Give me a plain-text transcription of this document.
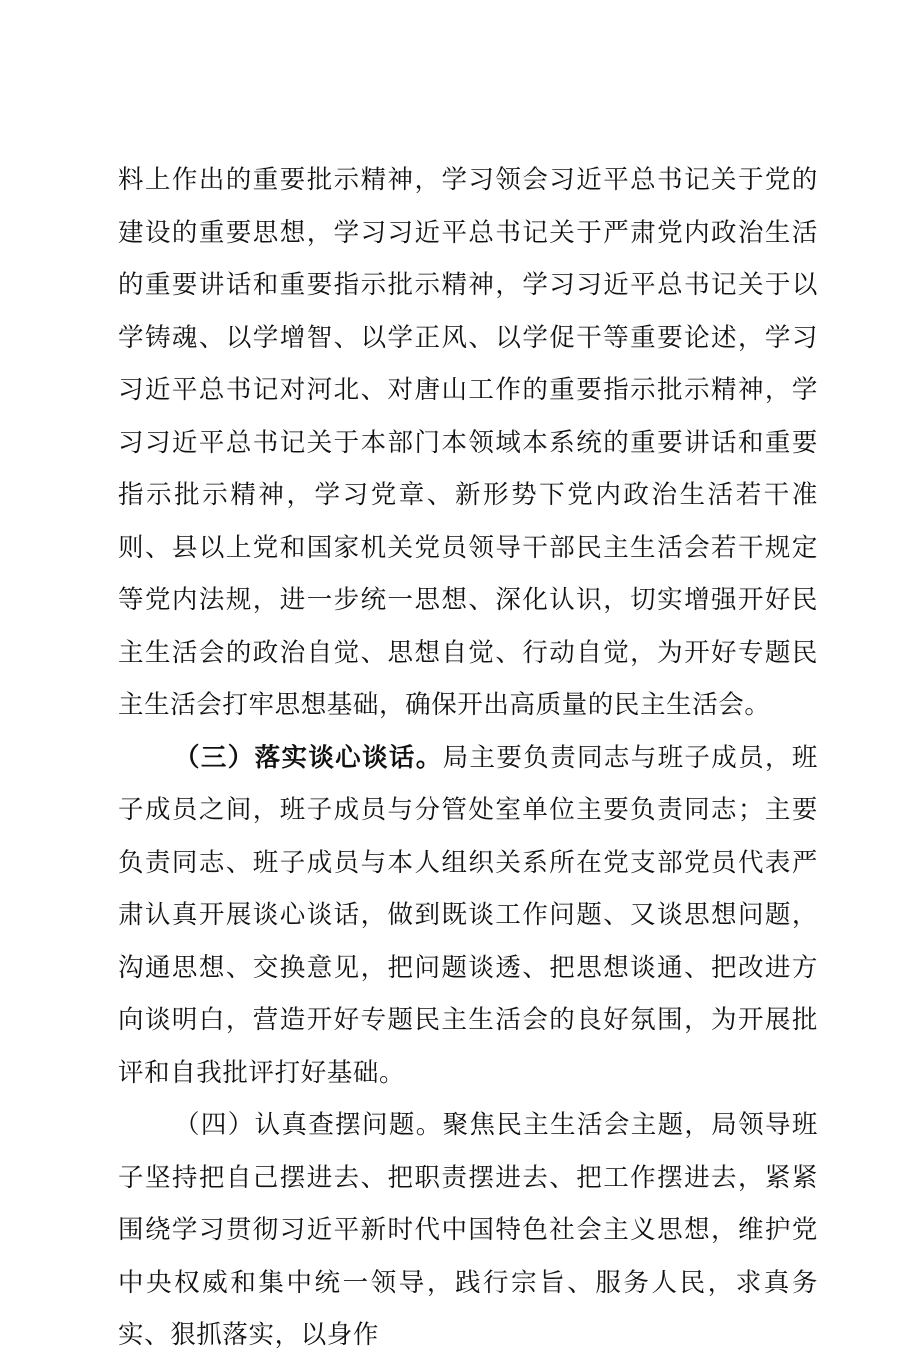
料上作出的重要批示精神，学习领会习近平总书记关于党的建设的重要思想，学习习近平总书记关于严肃党内政治生活的重要讲话和重要指示批示精神，学习习近平总书记关于以学铸魂、以学增智、以学正风、以学促干等重要论述，学习习近平总书记对河北、对唐山工作的重要指示批示精神，学习习近平总书记关于本部门本领域本系统的重要讲话和重要指示批示精神，学习党章、新形势下党内政治生活若干准则、县以上党和国家机关党员领导干部民主生活会若干规定等党内法规，进一步统一思想、深化认识，切实增强开好民主生活会的政治自觉、思想自觉、行动自觉，为开好专题民主生活会打牢思想基础，确保开出高质量的民主生活会。

（三）落实谈心谈话。局主要负责同志与班子成员，班子成员之间，班子成员与分管处室单位主要负责同志；主要负责同志、班子成员与本人组织关系所在党支部党员代表严肃认真开展谈心谈话，做到既谈工作问题、又谈思想问题，沟通思想、交换意见，把问题谈透、把思想谈通、把改进方向谈明白，营造开好专题民主生活会的良好氛围，为开展批评和自我批评打好基础。

（四）认真查摆问题。聚焦民主生活会主题，局领导班子坚持把自己摆进去、把职责摆进去、把工作摆进去，紧紧围绕学习贯彻习近平新时代中国特色社会主义思想，维护党中央权威和集中统一领导，践行宗旨、服务人民，求真务实、狠抓落实，以身作
